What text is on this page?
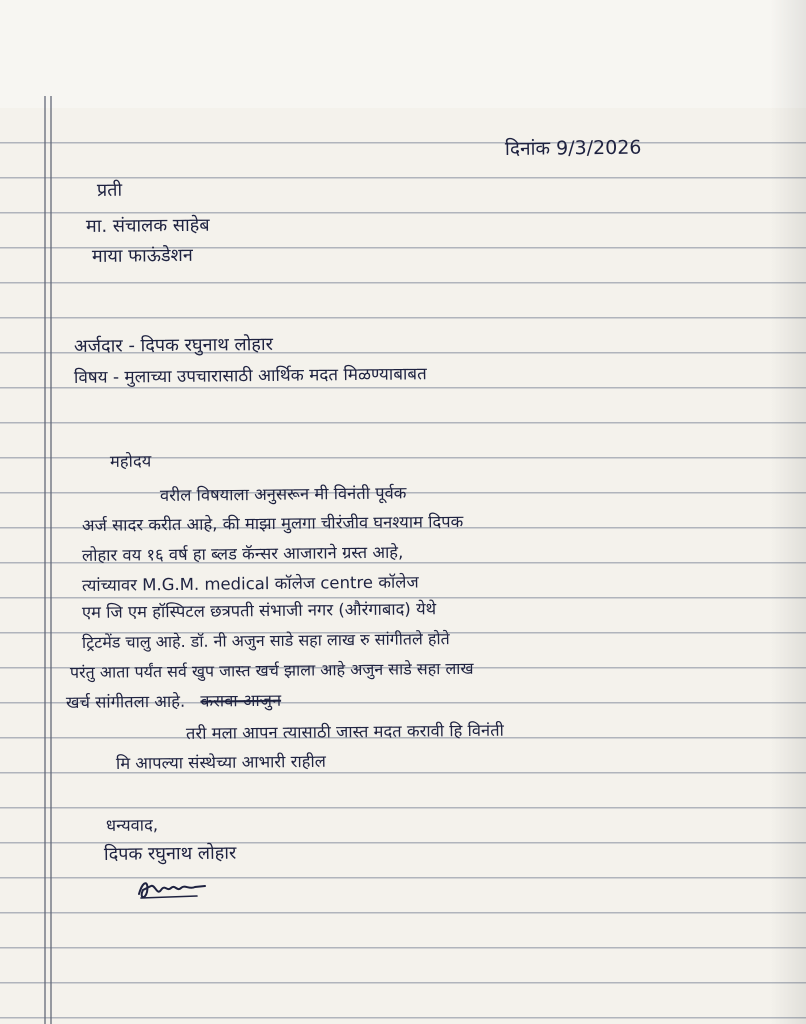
दिनांक 9/3/2026
प्रती
मा. संचालक साहेब
माया फाऊंडेशन
अर्जदार - दिपक रघुनाथ लोहार
विषय - मुलाच्या उपचारासाठी आर्थिक मदत मिळण्याबाबत
महोदय
वरील विषयाला अनुसरून मी विनंती पूर्वक
अर्ज सादर करीत आहे, की माझा मुलगा चीरंजीव घनश्याम दिपक
लोहार वय १६ वर्ष हा ब्लड कॅन्सर आजाराने ग्रस्त आहे,
त्यांच्यावर M.G.M. medical कॉलेज centre कॉलेज
एम जि एम हॉस्पिटल छत्रपती संभाजी नगर (औरंगाबाद) येथे
ट्रिटमेंड चालु आहे. डॉ. नी अजुन साडे सहा लाख रु सांगीतले होते
परंतु आता पर्यंत सर्व खुप जास्त खर्च झाला आहे अजुन साडे सहा लाख
खर्च सांगीतला आहे. करावा आजुन
तरी मला आपन त्यासाठी जास्त मदत करावी हि विनंती
मि आपल्या संस्थेच्या आभारी राहील
धन्यवाद,
दिपक रघुनाथ लोहार
